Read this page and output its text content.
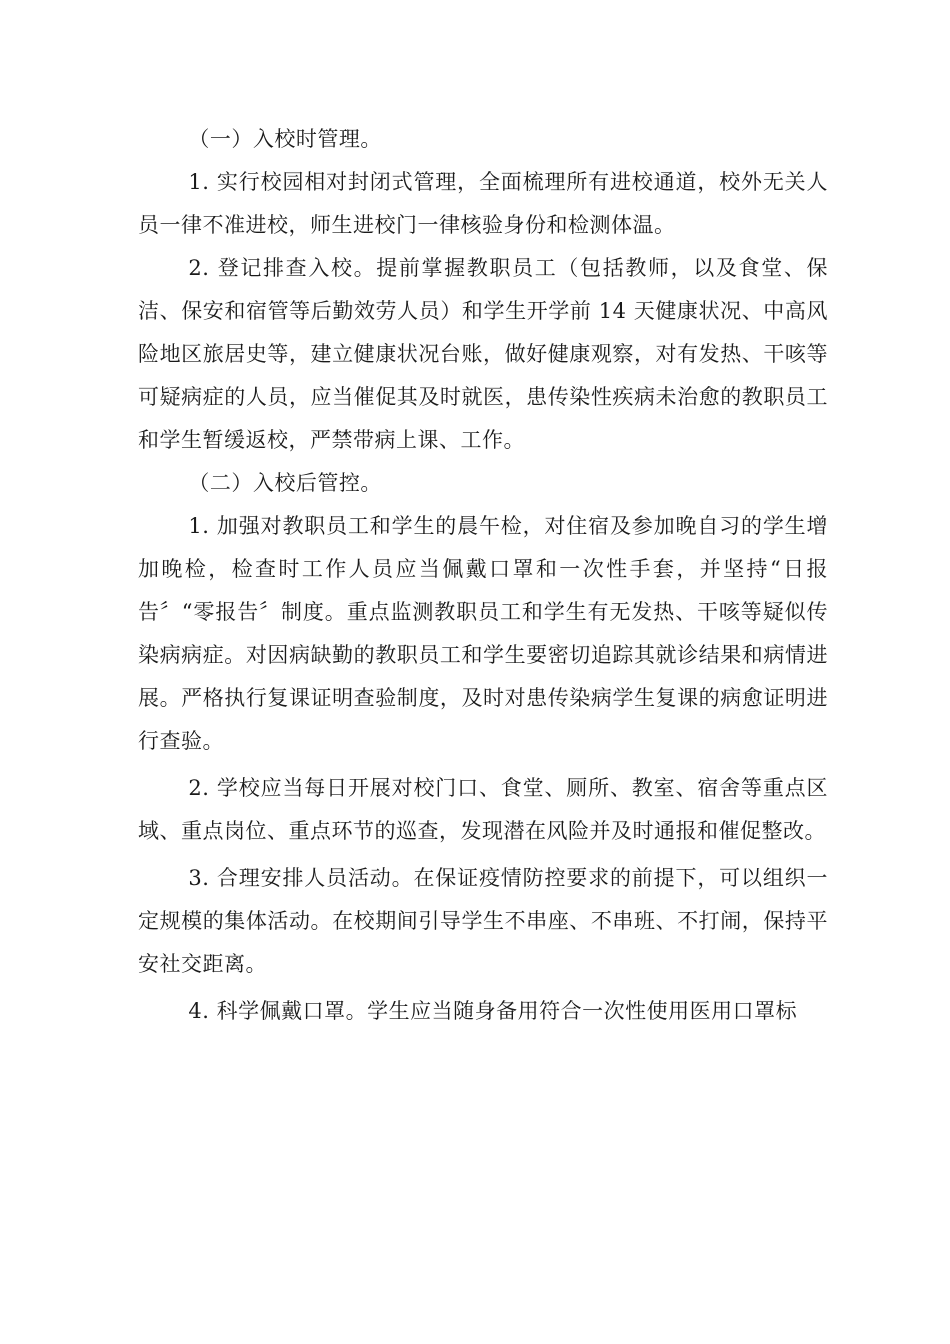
（一）入校时管理。

1. 实行校园相对封闭式管理，全面梳理所有进校通道，校外无关人员一律不准进校，师生进校门一律核验身份和检测体温。

2. 登记排查入校。提前掌握教职员工（包括教师，以及食堂、保洁、保安和宿管等后勤效劳人员）和学生开学前 14 天健康状况、中高风险地区旅居史等，建立健康状况台账，做好健康观察，对有发热、干咳等可疑病症的人员，应当催促其及时就医，患传染性疾病未治愈的教职员工和学生暂缓返校，严禁带病上课、工作。

（二）入校后管控。

1. 加强对教职员工和学生的晨午检，对住宿及参加晚自习的学生增加晚检，检查时工作人员应当佩戴口罩和一次性手套，并坚持“日报告〞“零报告〞制度。重点监测教职员工和学生有无发热、干咳等疑似传染病病症。对因病缺勤的教职员工和学生要密切追踪其就诊结果和病情进展。严格执行复课证明查验制度，及时对患传染病学生复课的病愈证明进行查验。

2. 学校应当每日开展对校门口、食堂、厕所、教室、宿舍等重点区域、重点岗位、重点环节的巡查，发现潜在风险并及时通报和催促整改。

3. 合理安排人员活动。在保证疫情防控要求的前提下，可以组织一定规模的集体活动。在校期间引导学生不串座、不串班、不打闹，保持平安社交距离。

4. 科学佩戴口罩。学生应当随身备用符合一次性使用医用口罩标
